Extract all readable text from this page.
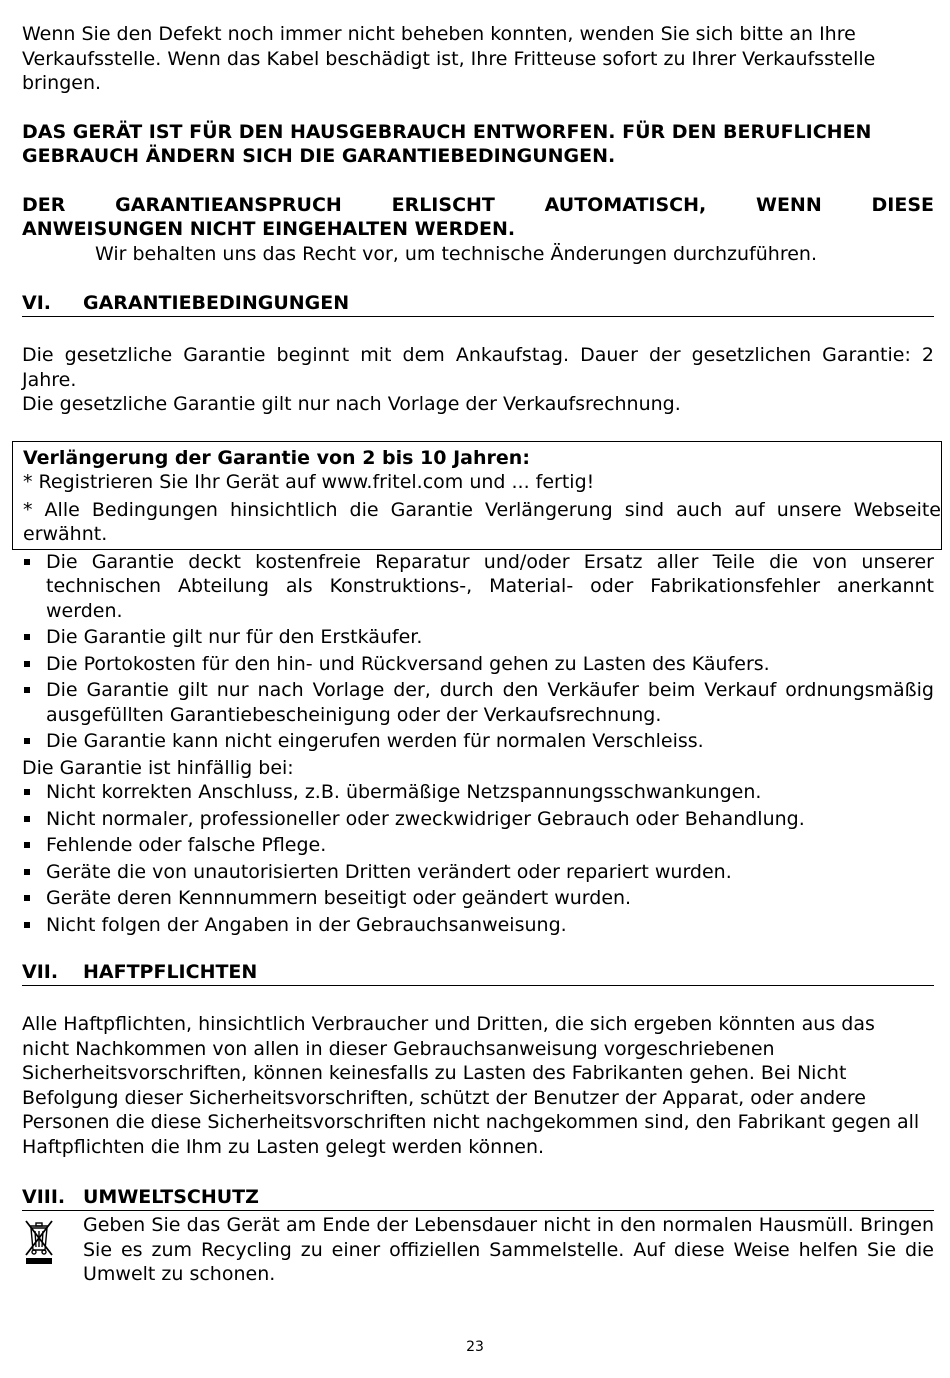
Wenn Sie den Defekt noch immer nicht beheben konnten, wenden Sie sich bitte an Ihre Verkaufsstelle. Wenn das Kabel beschädigt ist, Ihre Fritteuse sofort zu Ihrer Verkaufsstelle bringen.

DAS GERÄT IST FÜR DEN HAUSGEBRAUCH ENTWORFEN. FÜR DEN BERUFLICHEN GEBRAUCH ÄNDERN SICH DIE GARANTIEBEDINGUNGEN.

DER GARANTIEANSPRUCH ERLISCHT AUTOMATISCH, WENN DIESE

ANWEISUNGEN NICHT EINGEHALTEN WERDEN.

Wir behalten uns das Recht vor, um technische Änderungen durchzuführen.

VI.	GARANTIEBEDINGUNGEN

Die gesetzliche Garantie beginnt mit dem Ankaufstag. Dauer der gesetzlichen Garantie: 2 Jahre.

Die gesetzliche Garantie gilt nur nach Vorlage der Verkaufsrechnung.

Verlängerung der Garantie von 2 bis 10 Jahren:

* Registrieren Sie Ihr Gerät auf www.fritel.com und ... fertig!

* Alle Bedingungen hinsichtlich die Garantie Verlängerung sind auch auf unsere Webseite erwähnt.

Die Garantie deckt kostenfreie Reparatur und/oder Ersatz aller Teile die von unserer technischen Abteilung als Konstruktions-, Material- oder Fabrikationsfehler anerkannt werden.
Die Garantie gilt nur für den Erstkäufer.
Die Portokosten für den hin- und Rückversand gehen zu Lasten des Käufers.
Die Garantie gilt nur nach Vorlage der, durch den Verkäufer beim Verkauf ordnungsmäßig ausgefüllten Garantiebescheinigung oder der Verkaufsrechnung.
Die Garantie kann nicht eingerufen werden für normalen Verschleiss.

Die Garantie ist hinfällig bei:

Nicht korrekten Anschluss, z.B. übermäßige Netzspannungsschwankungen.
Nicht normaler, professioneller oder zweckwidriger Gebrauch oder Behandlung.
Fehlende oder falsche Pflege.
Geräte die von unautorisierten Dritten verändert oder repariert wurden.
Geräte deren Kennnummern beseitigt oder geändert wurden.
Nicht folgen der Angaben in der Gebrauchsanweisung.
VII.	HAFTPFLICHTEN

Alle Haftpflichten, hinsichtlich Verbraucher und Dritten, die sich ergeben könnten aus das nicht Nachkommen von allen in dieser Gebrauchsanweisung vorgeschriebenen Sicherheitsvorschriften, können keinesfalls zu Lasten des Fabrikanten gehen. Bei Nicht Befolgung dieser Sicherheitsvorschriften, schützt der Benutzer der Apparat, oder andere Personen die diese Sicherheitsvorschriften nicht nachgekommen sind, den Fabrikant gegen all Haftpflichten die Ihm zu Lasten gelegt werden können.

VIII. UMWELTSCHUTZ

Geben Sie das Gerät am Ende der Lebensdauer nicht in den normalen Hausmüll. Bringen Sie es zum Recycling zu einer offiziellen Sammelstelle. Auf diese Weise helfen Sie die Umwelt zu schonen.

23
